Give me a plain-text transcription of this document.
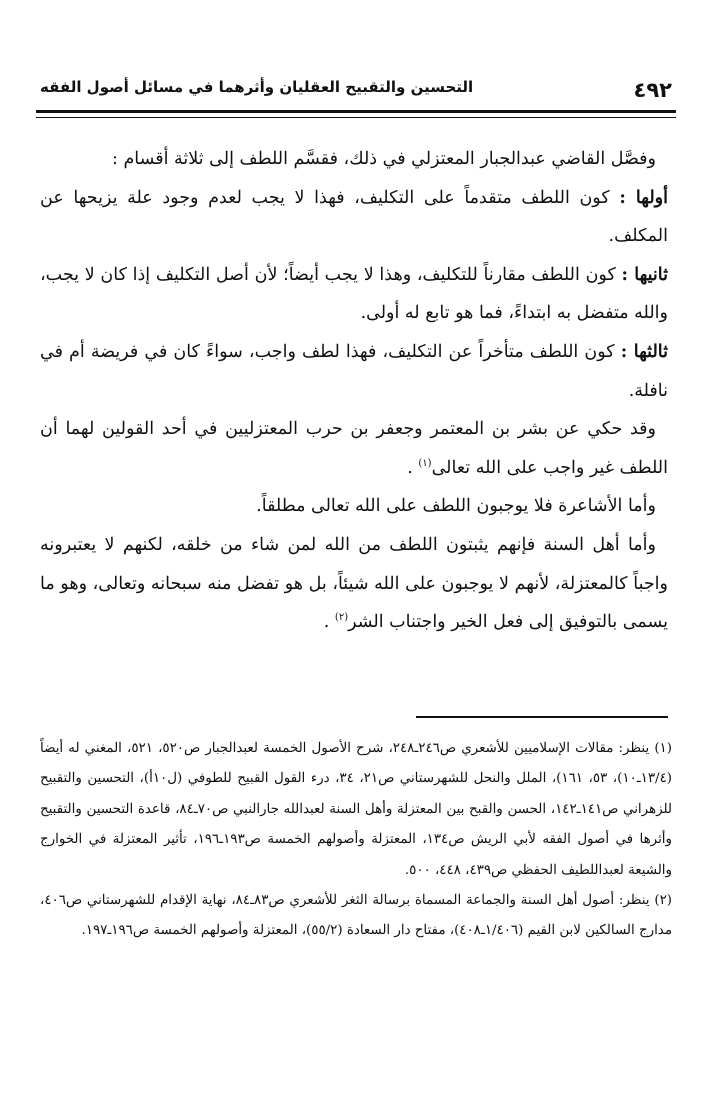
٤٩٢
التحسين والتقبيح العقليان وأثرهما في مسائل أصول الفقه

وفصَّل القاضي عبدالجبار المعتزلي في ذلك، فقسَّم اللطف إلى ثلاثة أقسام :

أولها : كون اللطف متقدماً على التكليف، فهذا لا يجب لعدم وجود علة يزيحها عن المكلف.

ثانيها : كون اللطف مقارناً للتكليف، وهذا لا يجب أيضاً؛ لأن أصل التكليف إذا كان لا يجب، والله متفضل به ابتداءً، فما هو تابع له أولى.

ثالثها : كون اللطف متأخراً عن التكليف، فهذا لطف واجب، سواءً كان في فريضة أم في نافلة.

وقد حكي عن بشر بن المعتمر وجعفر بن حرب المعتزليين في أحد القولين لهما أن اللطف غير واجب على الله تعالى$^{(١)}$ .

وأما الأشاعرة فلا يوجبون اللطف على الله تعالى مطلقاً.

وأما أهل السنة فإنهم يثبتون اللطف من الله لمن شاء من خلقه، لكنهم لا يعتبرونه واجباً كالمعتزلة، لأنهم لا يوجبون على الله شيئاً، بل هو تفضل منه سبحانه وتعالى، وهو ما يسمى بالتوفيق إلى فعل الخير واجتناب الشر$^{(٢)}$ .

(١) ينظر: مقالات الإسلاميين للأشعري ص٢٤٦ـ٢٤٨، شرح الأصول الخمسة لعبدالجبار ص٥٢٠، ٥٢١، المغني له أيضاً (١٣/٤ـ١٠)، ٥٣، ١٦١)، الملل والنحل للشهرستاني ص٢١، ٣٤، درء القول القبيح للطوفي (ل١٠أ)، التحسين والتقبيح للزهراني ص١٤١ـ١٤٢، الحسن والقبح بين المعتزلة وأهل السنة لعبدالله جارالنبي ص٧٠ـ٨٤، قاعدة التحسين والتقبيح وأثرها في أصول الفقه لأبي الريش ص١٣٤، المعتزلة وأصولهم الخمسة ص١٩٣ـ١٩٦، تأثير المعتزلة في الخوارج والشيعة لعبداللطيف الحفظي ص٤٣٩، ٤٤٨، ٥٠٠.

(٢) ينظر: أصول أهل السنة والجماعة المسماة برسالة الثغر للأشعري ص٨٣ـ٨٤، نهاية الإقدام للشهرستاني ص٤٠٦، مدارج السالكين لابن القيم (١/٤٠٦ـ٤٠٨)، مفتاح دار السعادة (٥٥/٢)، المعتزلة وأصولهم الخمسة ص١٩٦ـ١٩٧.
